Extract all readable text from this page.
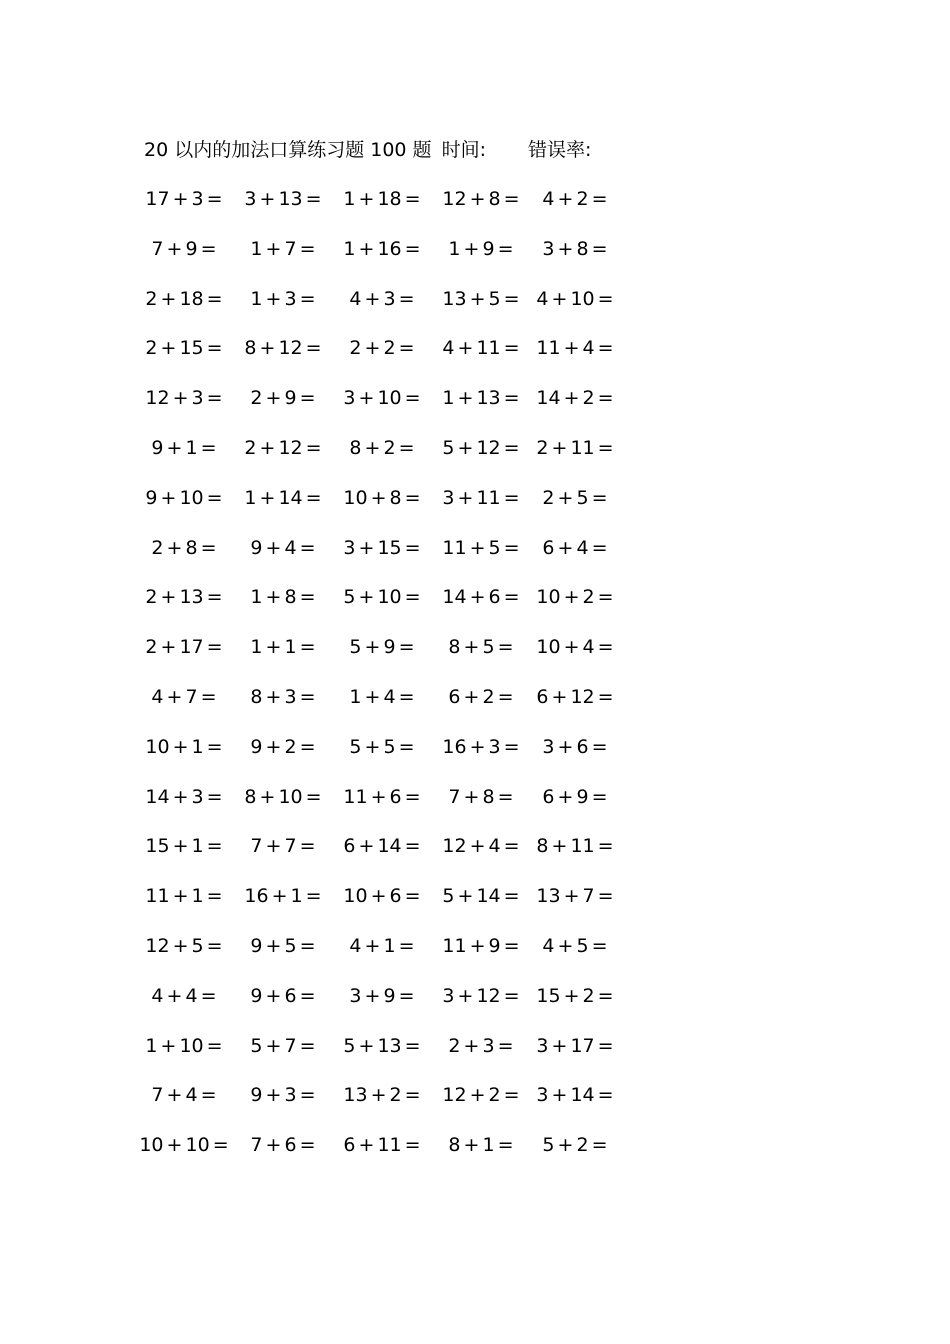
20 以内的加法口算练习题 100 题 时间: 错误率:
17 + 3 =	3 + 13 =	1 + 18 =	12 + 8 =	4 + 2 =
7 + 9 =	1 + 7 =	1 + 16 =	1 + 9 =	3 + 8 =
2 + 18 =	1 + 3 =	4 + 3 =	13 + 5 = 4 + 10 =
2 + 15 =	8 + 12 =	2 + 2 =	4 + 11 = 11 + 4 =
12 + 3 =	2 + 9 =	3 + 10 =	1 + 13 = 14 + 2 =
9 + 1 =	2 + 12 =	8 + 2 =	5 + 12 = 2 + 11 =
9 + 10 =	1 + 14 =	10 + 8 =	3 + 11 =	2 + 5 =
2 + 8 =	9 + 4 =	3 + 15 =	11 + 5 =	6 + 4 =
2 + 13 =	1 + 8 =	5 + 10 =	14 + 6 = 10 + 2 =
2 + 17 =	1 + 1 =	5 + 9 =	8 + 5 =	10 + 4 =
4 + 7 =	8 + 3 =	1 + 4 =	6 + 2 =	6 + 12 =
10 + 1 =	9 + 2 =	5 + 5 =	16 + 3 =	3 + 6 =
14 + 3 =	8 + 10 =	11 + 6 =	7 + 8 =	6 + 9 =
15 + 1 =	7 + 7 =	6 + 14 =	12 + 4 = 8 + 11 =
11 + 1 =	16 + 1 =	10 + 6 =	5 + 14 = 13 + 7 =
12 + 5 =	9 + 5 =	4 + 1 =	11 + 9 =	4 + 5 =
4 + 4 =	9 + 6 =	3 + 9 =	3 + 12 = 15 + 2 =
1 + 10 =	5 + 7 =	5 + 13 =	2 + 3 =	3 + 17 =
7 + 4 =	9 + 3 =	13 + 2 =	12 + 2 = 3 + 14 =
10 + 10 =	7 + 6 =	6 + 11 =	8 + 1 =	5 + 2 =
